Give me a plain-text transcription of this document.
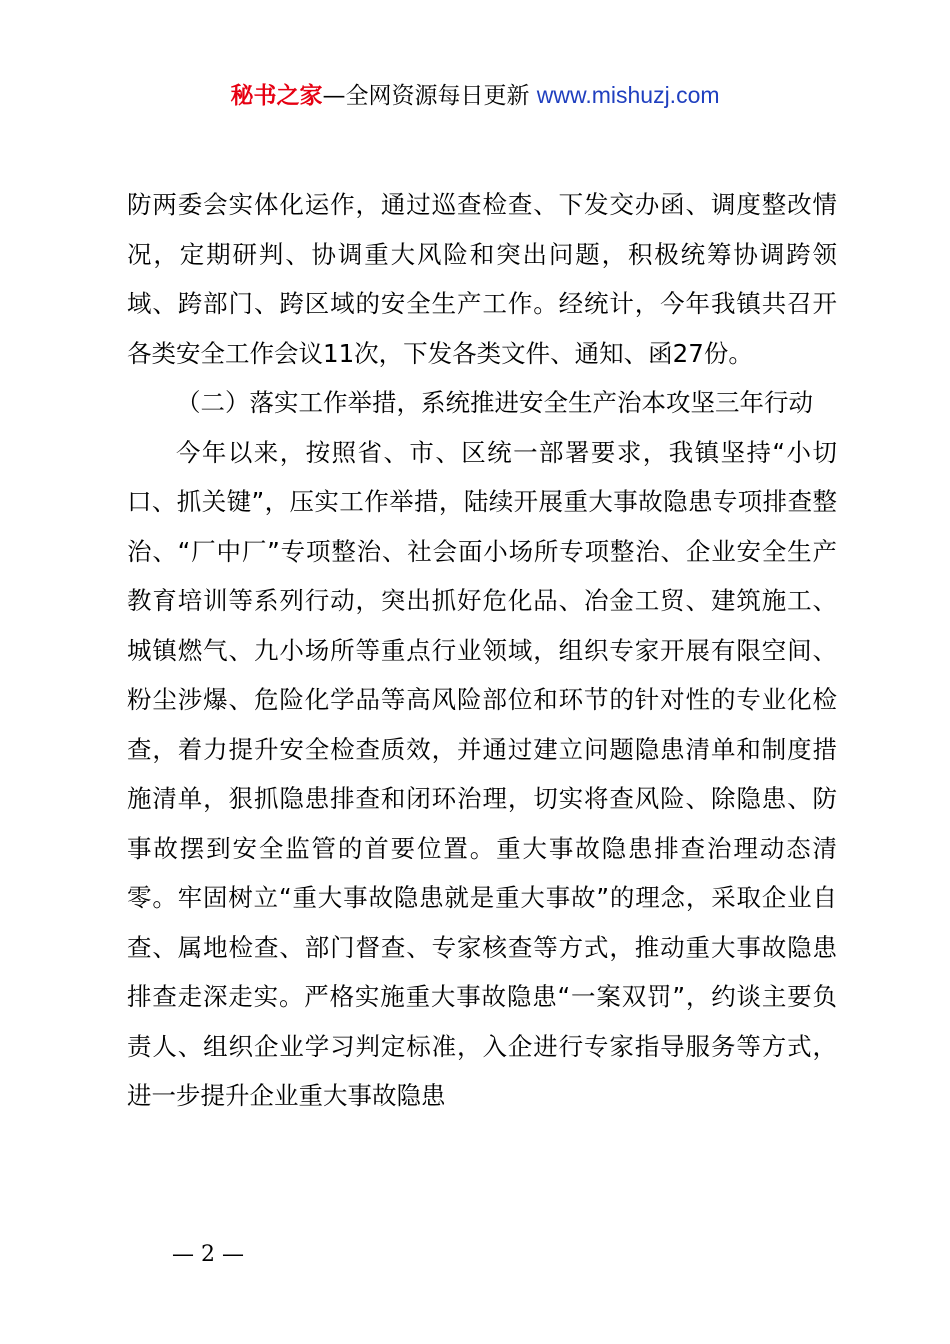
秘书之家—全网资源每日更新 www.mishuzj.com

防两委会实体化运作，通过巡查检查、下发交办函、调度整改情况，定期研判、协调重大风险和突出问题，积极统筹协调跨领域、跨部门、跨区域的安全生产工作。经统计，今年我镇共召开各类安全工作会议11次，下发各类文件、通知、函27份。

（二）落实工作举措，系统推进安全生产治本攻坚三年行动

今年以来，按照省、市、区统一部署要求，我镇坚持“小切口、抓关键”，压实工作举措，陆续开展重大事故隐患专项排查整治、“厂中厂”专项整治、社会面小场所专项整治、企业安全生产教育培训等系列行动，突出抓好危化品、冶金工贸、建筑施工、城镇燃气、九小场所等重点行业领域，组织专家开展有限空间、粉尘涉爆、危险化学品等高风险部位和环节的针对性的专业化检查，着力提升安全检查质效，并通过建立问题隐患清单和制度措施清单，狠抓隐患排查和闭环治理，切实将查风险、除隐患、防事故摆到安全监管的首要位置。重大事故隐患排查治理动态清零。牢固树立“重大事故隐患就是重大事故”的理念，采取企业自查、属地检查、部门督查、专家核查等方式，推动重大事故隐患排查走深走实。严格实施重大事故隐患“一案双罚”，约谈主要负责人、组织企业学习判定标准，入企进行专家指导服务等方式，进一步提升企业重大事故隐患

— 2 —
